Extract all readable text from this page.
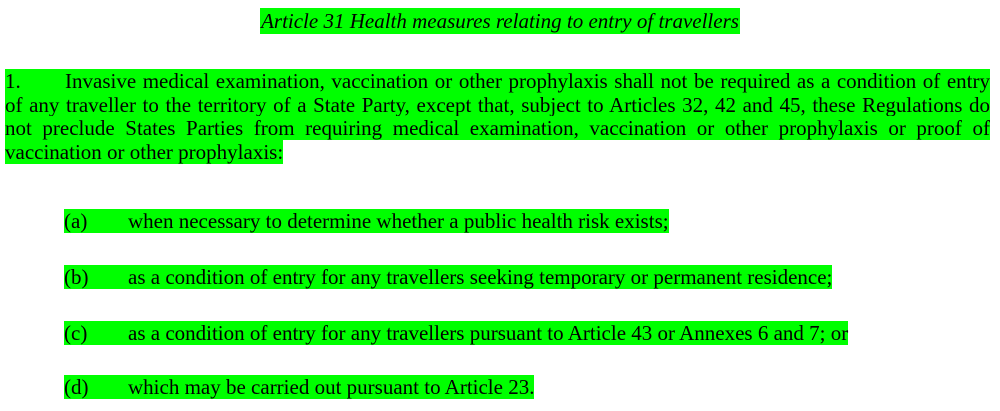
Article 31 Health measures relating to entry of travellers
1. Invasive medical examination, vaccination or other prophylaxis shall not be required as a condition of entry of any traveller to the territory of a State Party, except that, subject to Articles 32, 42 and 45, these Regulations do not preclude States Parties from requiring medical examination, vaccination or other prophylaxis or proof of vaccination or other prophylaxis:
(a) when necessary to determine whether a public health risk exists;
(b) as a condition of entry for any travellers seeking temporary or permanent residence;
(c) as a condition of entry for any travellers pursuant to Article 43 or Annexes 6 and 7; or
(d) which may be carried out pursuant to Article 23.
